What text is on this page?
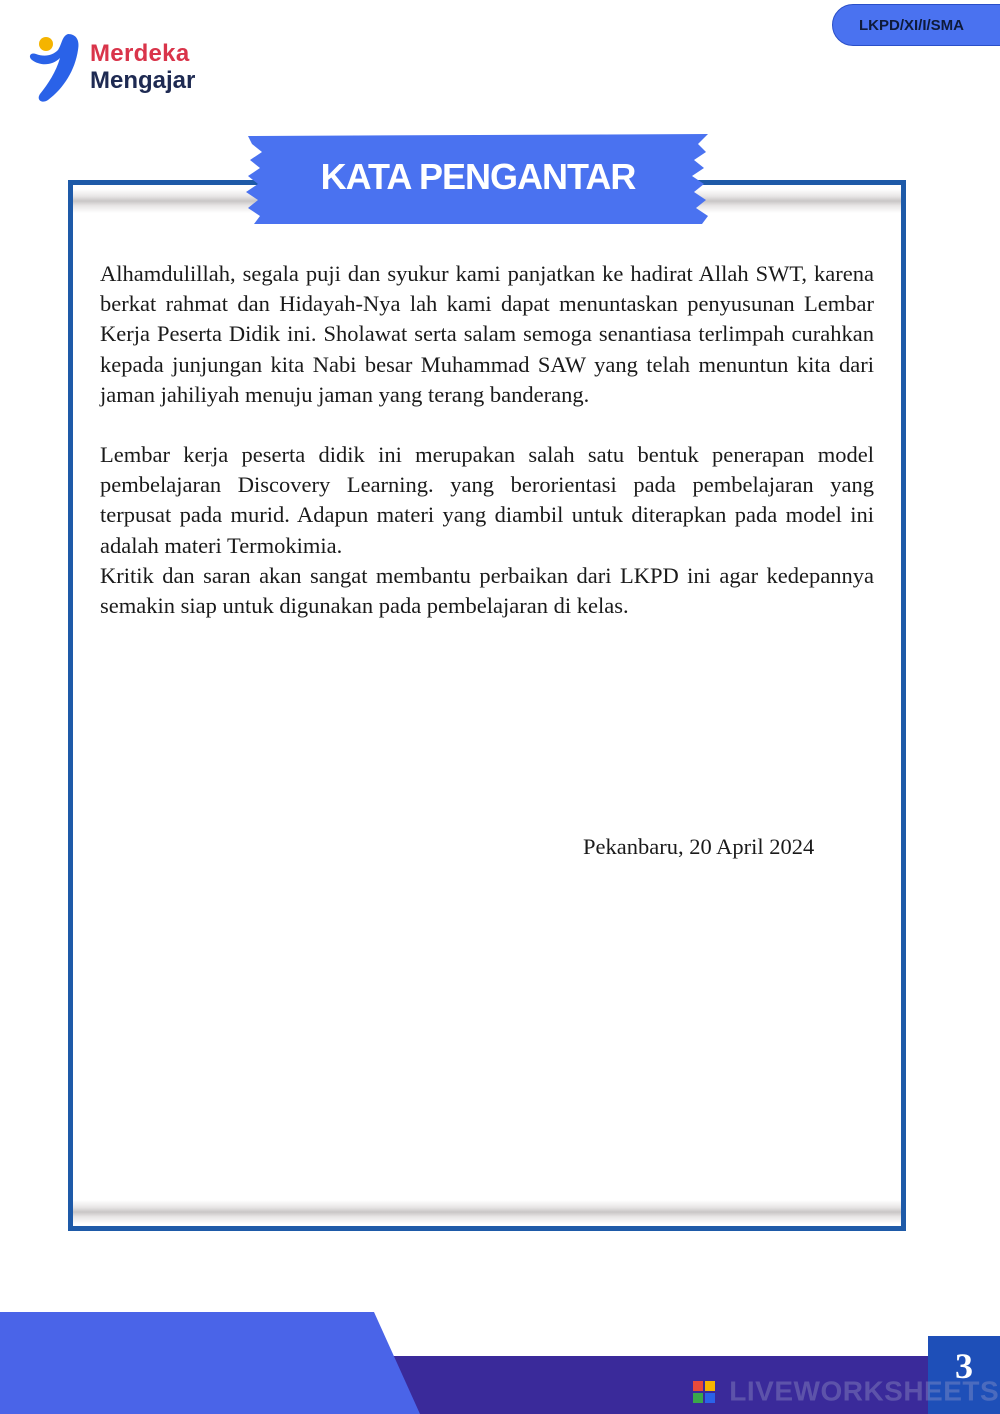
LKPD/XI/I/SMA
Merdeka
Mengajar
KATA PENGANTAR

Alhamdulillah, segala puji dan syukur kami panjatkan ke hadirat Allah SWT, karena berkat rahmat dan Hidayah-Nya lah kami dapat menuntaskan penyusunan Lembar Kerja Peserta Didik ini. Sholawat serta salam semoga senantiasa terlimpah curahkan kepada junjungan kita Nabi besar Muhammad SAW yang telah menuntun kita dari jaman jahiliyah menuju jaman yang terang banderang.

Lembar kerja peserta didik ini merupakan salah satu bentuk penerapan model pembelajaran Discovery Learning. yang berorientasi pada pembelajaran yang terpusat pada murid. Adapun materi yang diambil untuk diterapkan pada model ini adalah materi Termokimia.

Kritik dan saran akan sangat membantu perbaikan dari LKPD ini agar kedepannya semakin siap untuk digunakan pada pembelajaran di kelas.

Pekanbaru, 20 April 2024
3
LIVEWORKSHEETS
